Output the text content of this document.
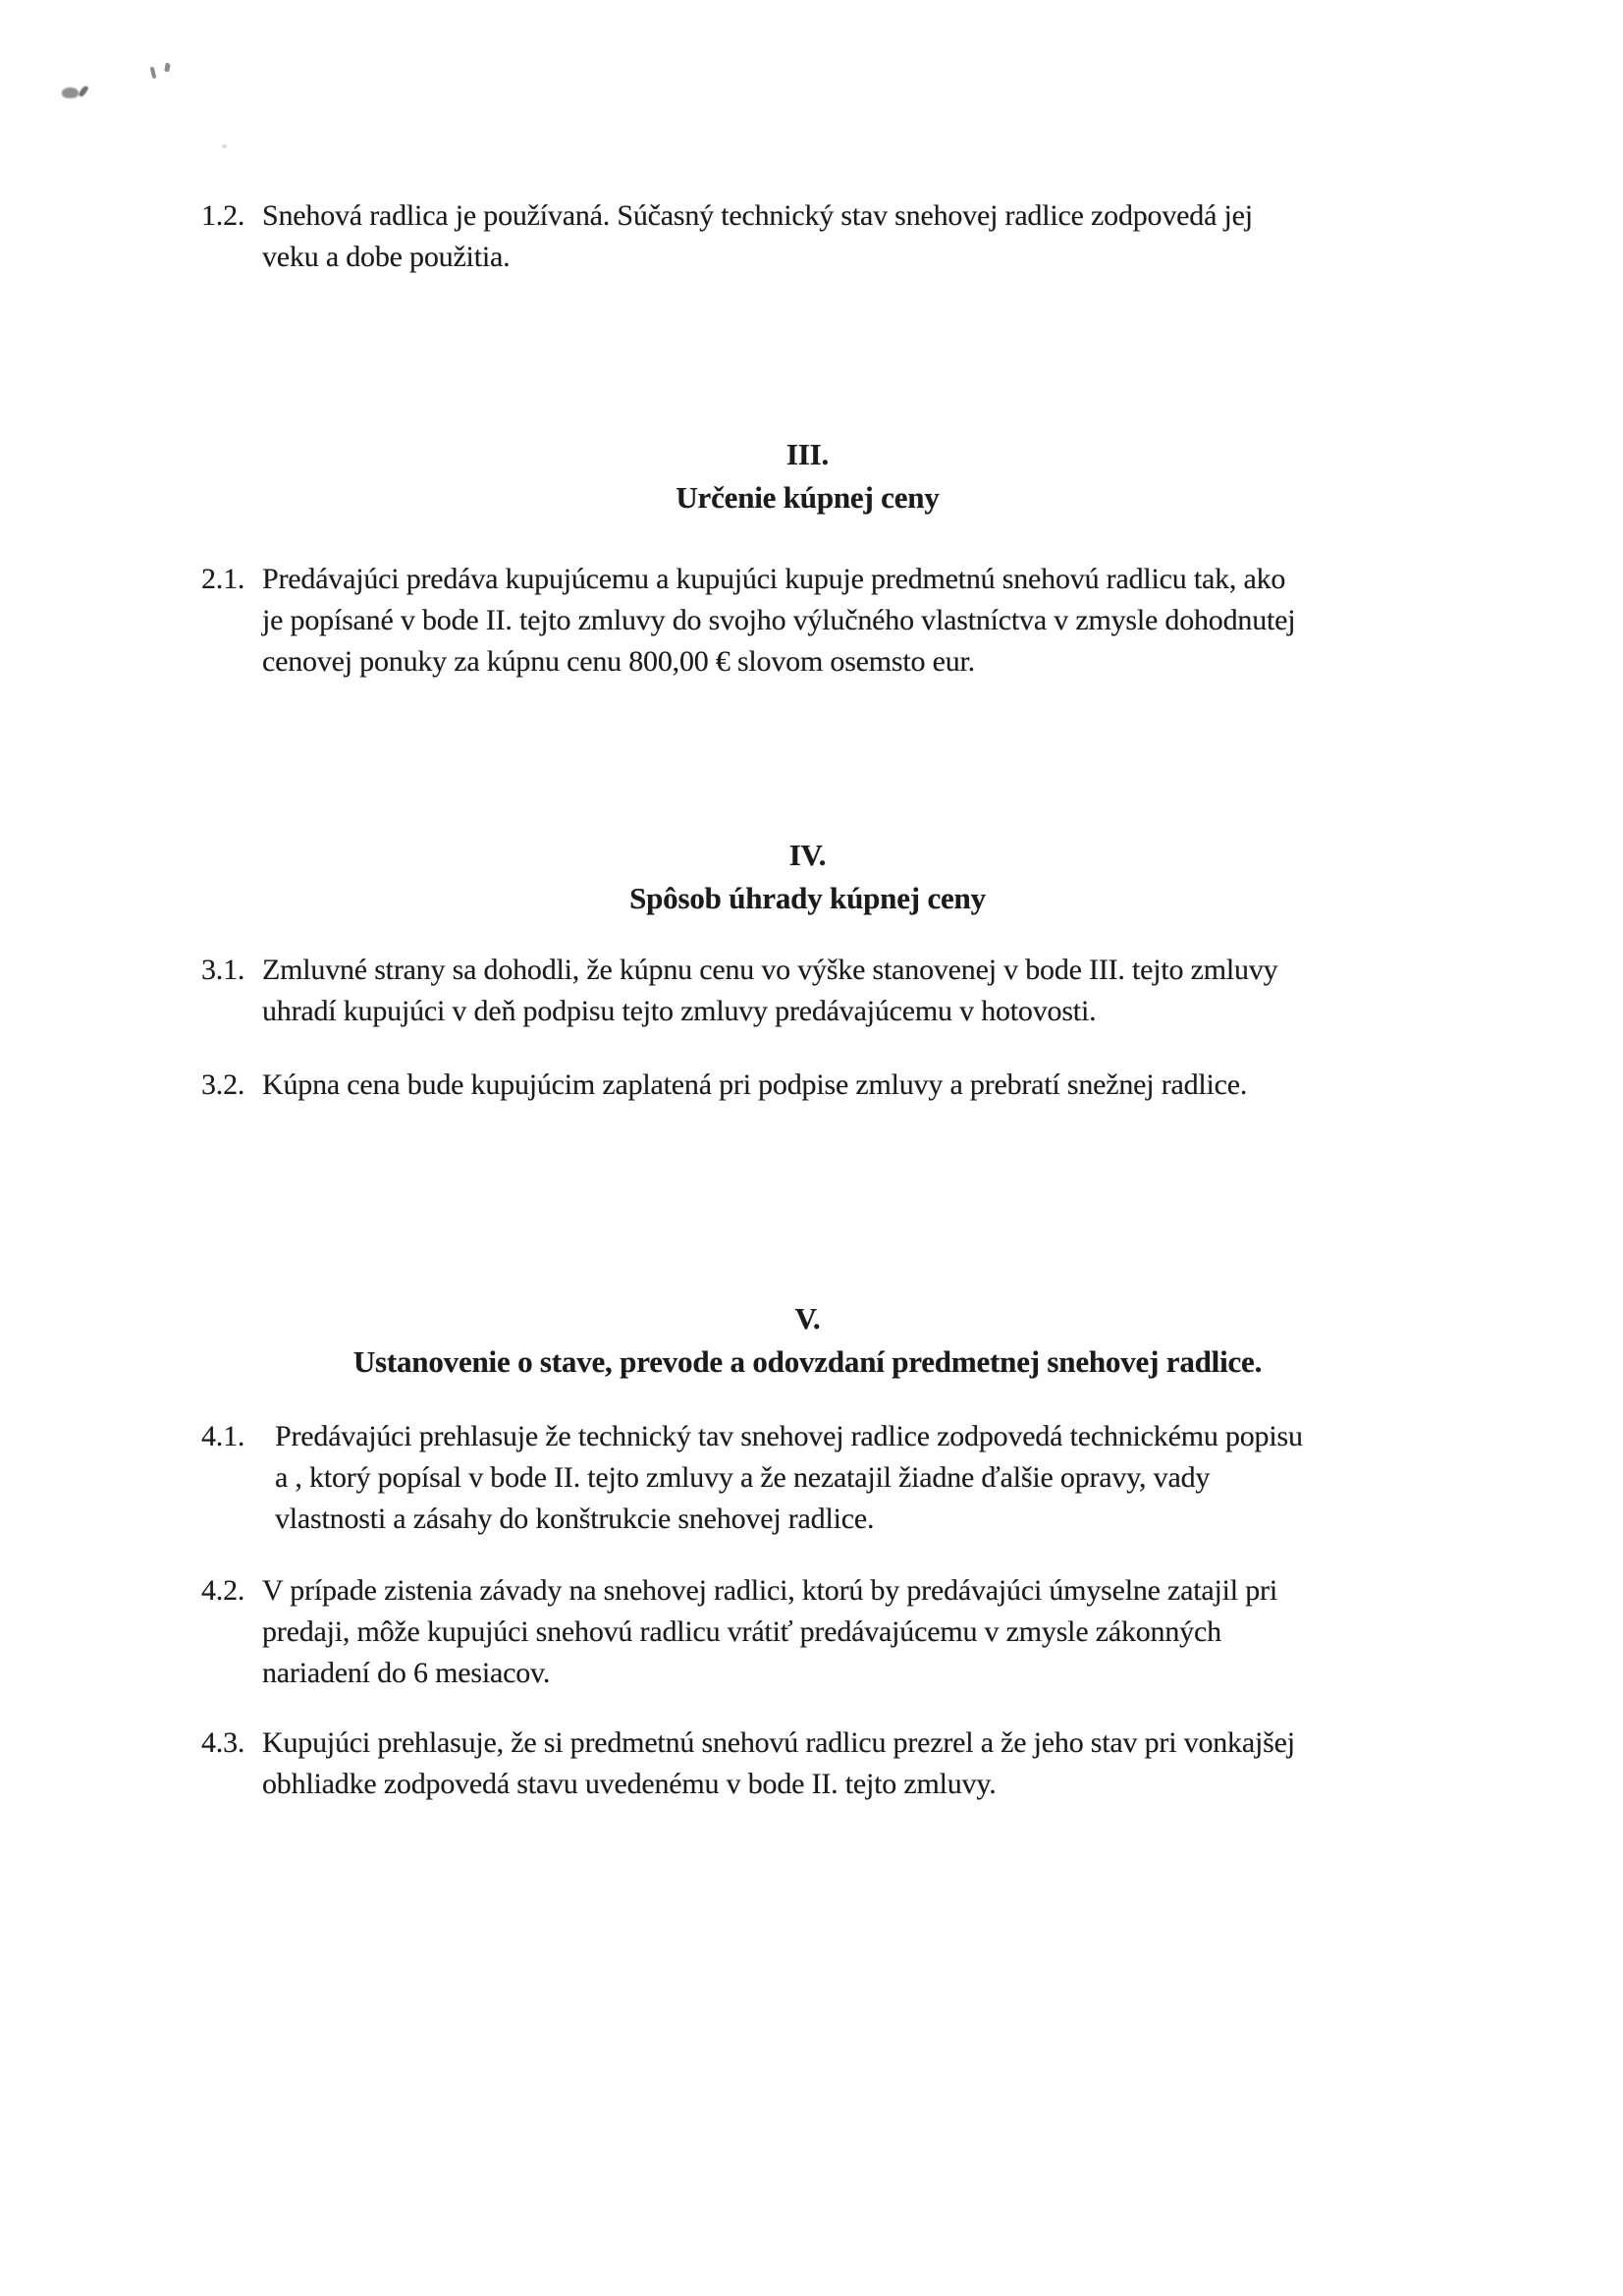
1.2. Snehová radlica je používaná. Súčasný technický stav snehovej radlice zodpovedá jej
veku a dobe použitia.
III.
Určenie kúpnej ceny
2.1. Predávajúci predáva kupujúcemu a kupujúci kupuje predmetnú snehovú radlicu tak, ako
je popísané v bode II. tejto zmluvy do svojho výlučného vlastníctva v zmysle dohodnutej
cenovej ponuky za kúpnu cenu 800,00 € slovom osemsto eur.
IV.
Spôsob úhrady kúpnej ceny
3.1. Zmluvné strany sa dohodli, že kúpnu cenu vo výške stanovenej v bode III. tejto zmluvy
uhradí kupujúci v deň podpisu tejto zmluvy predávajúcemu v hotovosti.
3.2. Kúpna cena bude kupujúcim zaplatená pri podpise zmluvy a prebratí snežnej radlice.
V.
Ustanovenie o stave, prevode a odovzdaní predmetnej snehovej radlice.
4.1. Predávajúci prehlasuje že technický tav snehovej radlice zodpovedá technickému popisu
a , ktorý popísal v bode II. tejto zmluvy a že nezatajil žiadne ďalšie opravy, vady
vlastnosti a zásahy do konštrukcie snehovej radlice.
4.2. V prípade zistenia závady na snehovej radlici, ktorú by predávajúci úmyselne zatajil pri
predaji, môže kupujúci snehovú radlicu vrátiť predávajúcemu v zmysle zákonných
nariadení do 6 mesiacov.
4.3. Kupujúci prehlasuje, že si predmetnú snehovú radlicu prezrel a že jeho stav pri vonkajšej
obhliadke zodpovedá stavu uvedenému v bode II. tejto zmluvy.
